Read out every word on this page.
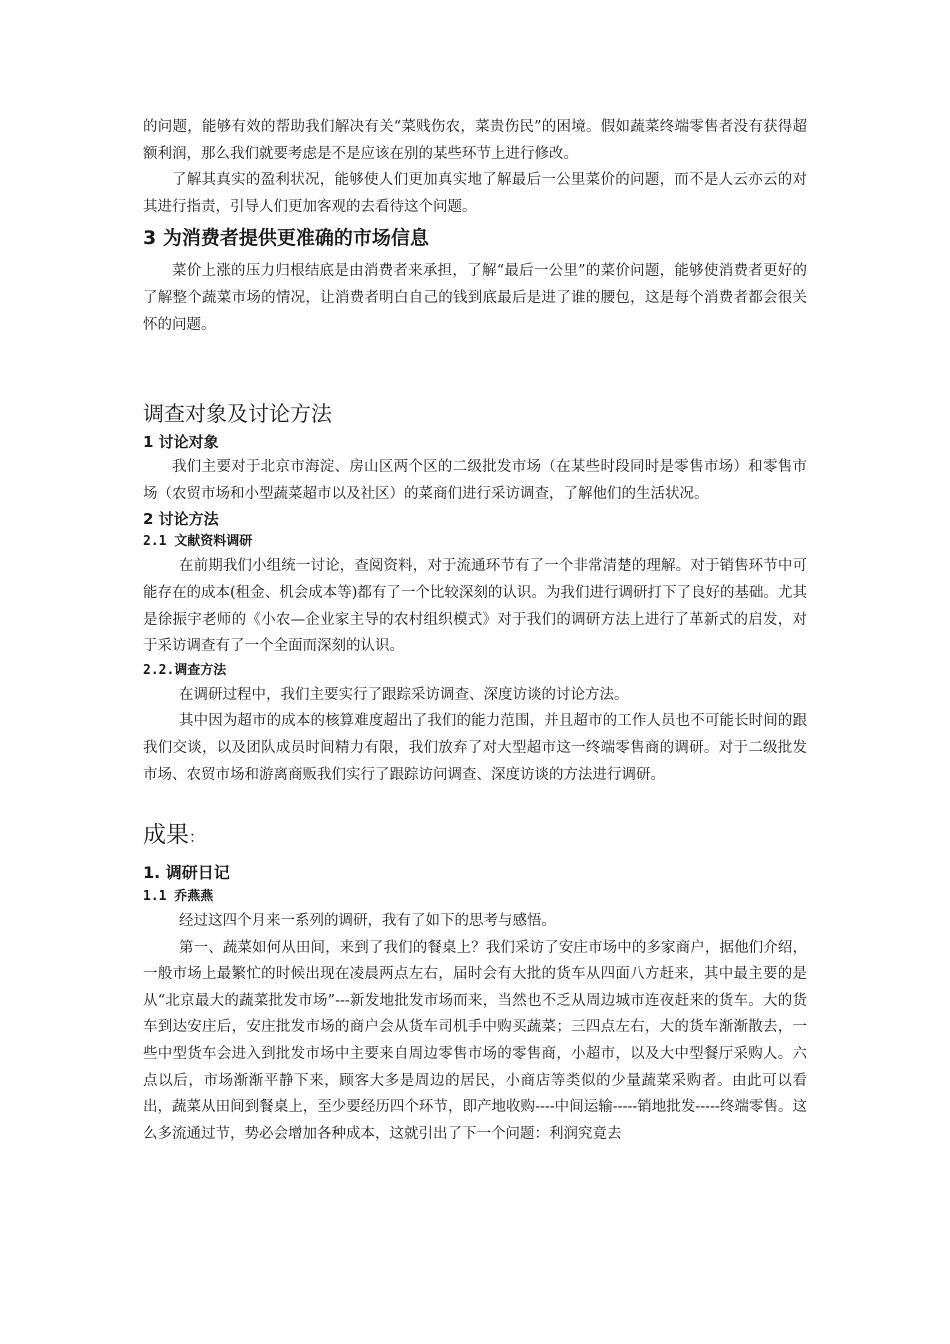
的问题，能够有效的帮助我们解决有关“菜贱伤农，菜贵伤民”的困境。假如蔬菜终端零售者没有获得超额利润，那么我们就要考虑是不是应该在别的某些环节上进行修改。

了解其真实的盈利状况，能够使人们更加真实地了解最后一公里菜价的问题，而不是人云亦云的对其进行指责，引导人们更加客观的去看待这个问题。

3 为消费者提供更准确的市场信息

菜价上涨的压力归根结底是由消费者来承担，了解“最后一公里”的菜价问题，能够使消费者更好的了解整个蔬菜市场的情况，让消费者明白自己的钱到底最后是进了谁的腰包，这是每个消费者都会很关怀的问题。

调查对象及讨论方法
1 讨论对象

我们主要对于北京市海淀、房山区两个区的二级批发市场（在某些时段同时是零售市场）和零售市场（农贸市场和小型蔬菜超市以及社区）的菜商们进行采访调查，了解他们的生活状况。

2 讨论方法
2.1 文献资料调研

在前期我们小组统一讨论，查阅资料，对于流通环节有了一个非常清楚的理解。对于销售环节中可能存在的成本(租金、机会成本等)都有了一个比较深刻的认识。为我们进行调研打下了良好的基础。尤其是徐振宇老师的《小农—企业家主导的农村组织模式》对于我们的调研方法上进行了革新式的启发，对于采访调查有了一个全面而深刻的认识。

2.2.调查方法

在调研过程中，我们主要实行了跟踪采访调查、深度访谈的讨论方法。

其中因为超市的成本的核算难度超出了我们的能力范围，并且超市的工作人员也不可能长时间的跟我们交谈，以及团队成员时间精力有限，我们放弃了对大型超市这一终端零售商的调研。对于二级批发市场、农贸市场和游离商贩我们实行了跟踪访问调查、深度访谈的方法进行调研。

成果：
1. 调研日记
1.1 乔燕燕

经过这四个月来一系列的调研，我有了如下的思考与感悟。

第一、蔬菜如何从田间，来到了我们的餐桌上？我们采访了安庄市场中的多家商户，据他们介绍，一般市场上最繁忙的时候出现在凌晨两点左右，届时会有大批的货车从四面八方赶来，其中最主要的是从“北京最大的蔬菜批发市场”---新发地批发市场而来，当然也不乏从周边城市连夜赶来的货车。大的货车到达安庄后，安庄批发市场的商户会从货车司机手中购买蔬菜；三四点左右，大的货车渐渐散去，一些中型货车会进入到批发市场中主要来自周边零售市场的零售商，小超市，以及大中型餐厅采购人。六点以后，市场渐渐平静下来，顾客大多是周边的居民，小商店等类似的少量蔬菜采购者。由此可以看出，蔬菜从田间到餐桌上，至少要经历四个环节，即产地收购----中间运输-----销地批发-----终端零售。这么多流通过节，势必会增加各种成本，这就引出了下一个问题：利润究竟去
